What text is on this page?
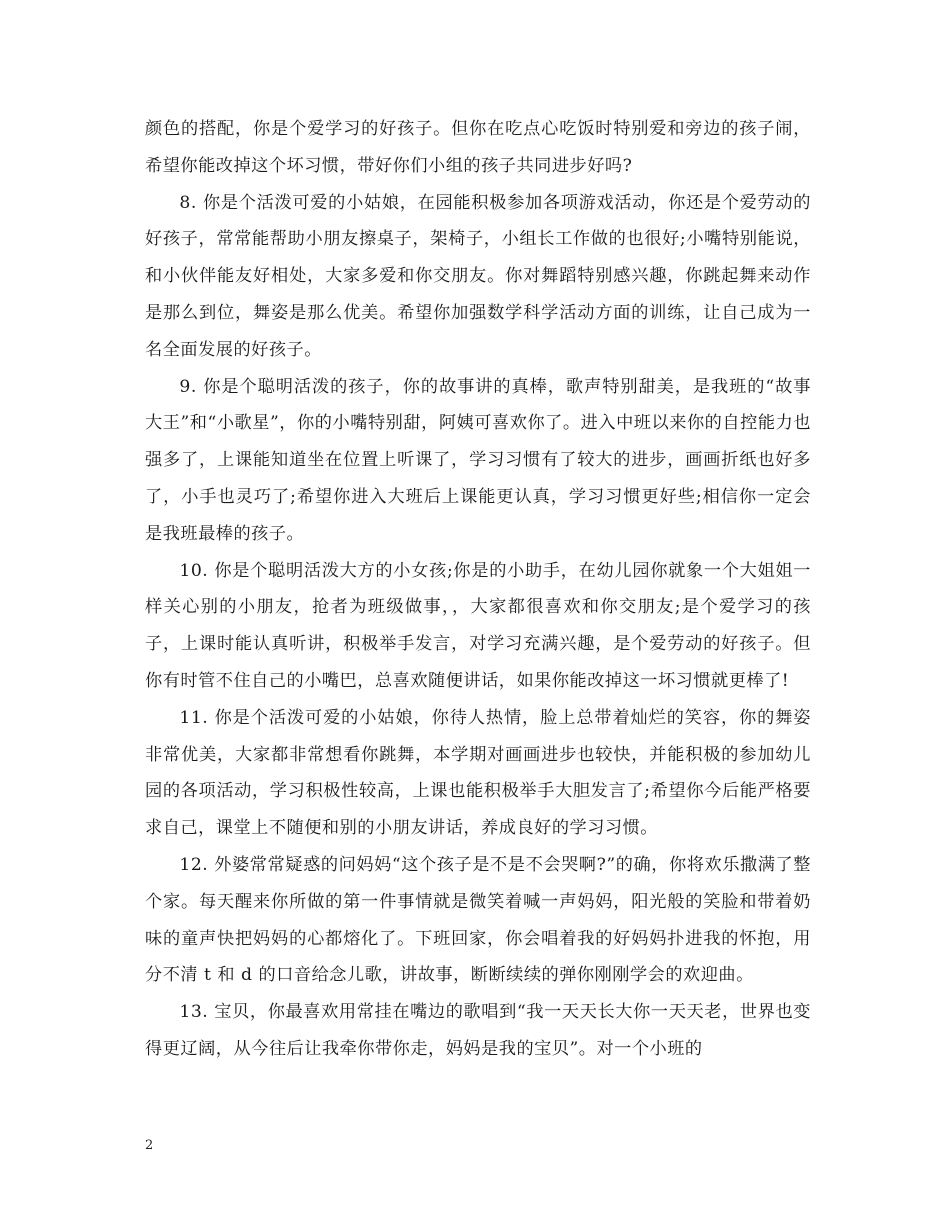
颜色的搭配，你是个爱学习的好孩子。但你在吃点心吃饭时特别爱和旁边的孩子闹，希望你能改掉这个坏习惯，带好你们小组的孩子共同进步好吗?

8. 你是个活泼可爱的小姑娘，在园能积极参加各项游戏活动，你还是个爱劳动的好孩子，常常能帮助小朋友擦桌子，架椅子，小组长工作做的也很好;小嘴特别能说，和小伙伴能友好相处，大家多爱和你交朋友。你对舞蹈特别感兴趣，你跳起舞来动作是那么到位，舞姿是那么优美。希望你加强数学科学活动方面的训练，让自己成为一名全面发展的好孩子。

9. 你是个聪明活泼的孩子，你的故事讲的真棒，歌声特别甜美，是我班的“故事大王”和“小歌星”，你的小嘴特别甜，阿姨可喜欢你了。进入中班以来你的自控能力也强多了，上课能知道坐在位置上听课了，学习习惯有了较大的进步，画画折纸也好多了，小手也灵巧了;希望你进入大班后上课能更认真，学习习惯更好些;相信你一定会是我班最棒的孩子。

10. 你是个聪明活泼大方的小女孩;你是的小助手，在幼儿园你就象一个大姐姐一样关心别的小朋友，抢者为班级做事，，大家都很喜欢和你交朋友;是个爱学习的孩子，上课时能认真听讲，积极举手发言，对学习充满兴趣，是个爱劳动的好孩子。但你有时管不住自己的小嘴巴，总喜欢随便讲话，如果你能改掉这一坏习惯就更棒了!

11. 你是个活泼可爱的小姑娘，你待人热情，脸上总带着灿烂的笑容，你的舞姿非常优美，大家都非常想看你跳舞，本学期对画画进步也较快，并能积极的参加幼儿园的各项活动，学习积极性较高，上课也能积极举手大胆发言了;希望你今后能严格要求自己，课堂上不随便和别的小朋友讲话，养成良好的学习习惯。

12. 外婆常常疑惑的问妈妈“这个孩子是不是不会哭啊?”的确，你将欢乐撒满了整个家。每天醒来你所做的第一件事情就是微笑着喊一声妈妈，阳光般的笑脸和带着奶味的童声快把妈妈的心都熔化了。下班回家，你会唱着我的好妈妈扑进我的怀抱，用分不清 t 和 d 的口音给念儿歌，讲故事，断断续续的弹你刚刚学会的欢迎曲。

13. 宝贝，你最喜欢用常挂在嘴边的歌唱到“我一天天长大你一天天老，世界也变得更辽阔，从今往后让我牵你带你走，妈妈是我的宝贝”。对一个小班的

2
